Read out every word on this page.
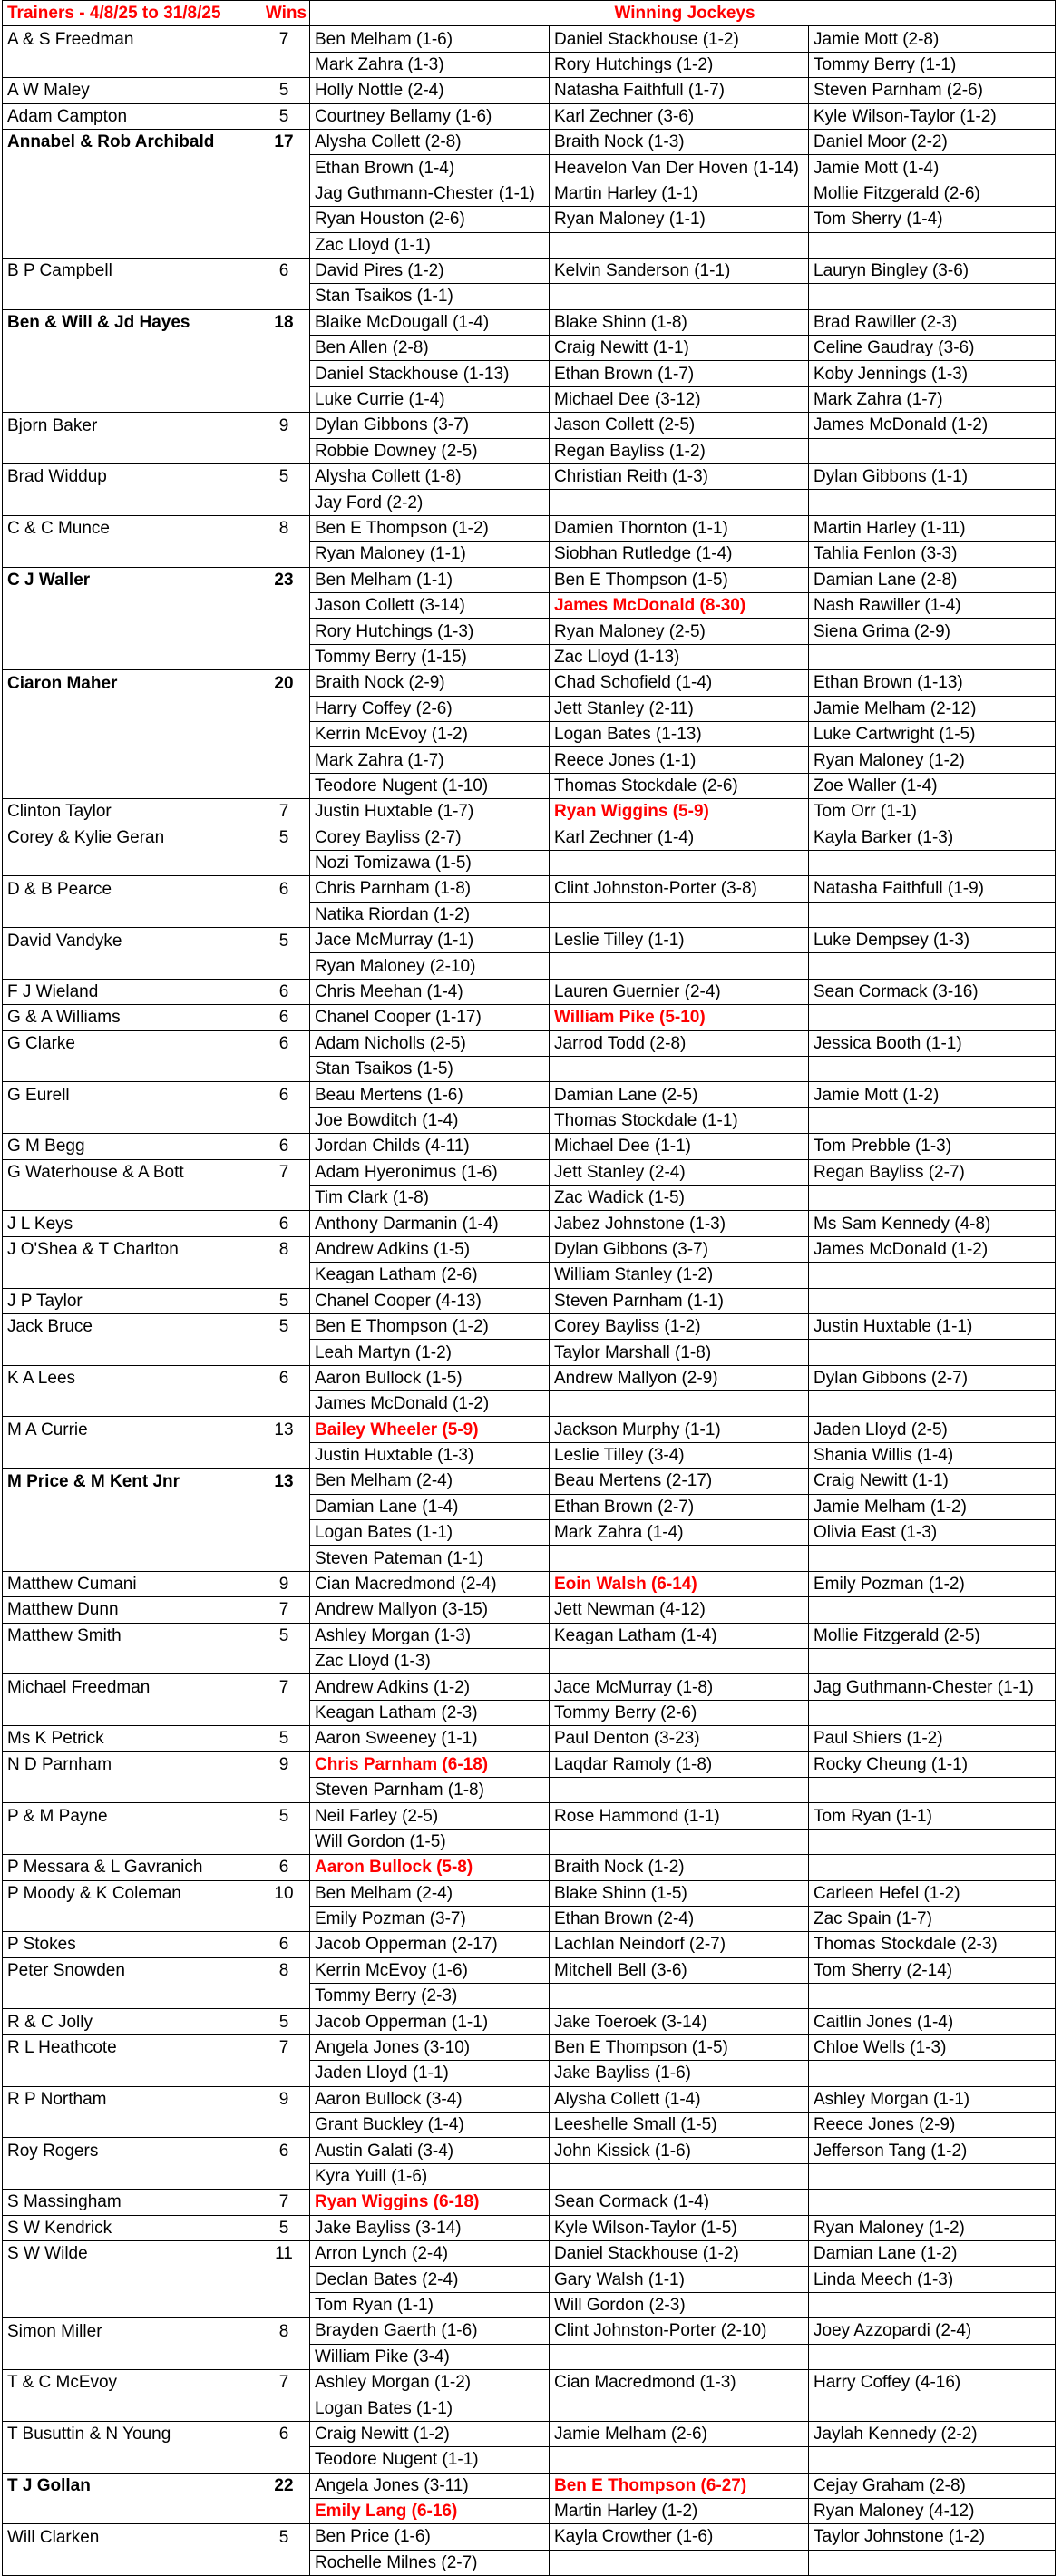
Trainers - 4/8/25 to 31/8/25	Wins	Winning Jockeys		
A & S Freedman	7	Ben Melham (1-6)	Daniel Stackhouse (1-2)	Jamie Mott (2-8)
		Mark Zahra (1-3)	Rory Hutchings (1-2)	Tommy Berry (1-1)
A W Maley	5	Holly Nottle (2-4)	Natasha Faithfull (1-7)	Steven Parnham (2-6)
Adam Campton	5	Courtney Bellamy (1-6)	Karl Zechner (3-6)	Kyle Wilson-Taylor (1-2)
Annabel & Rob Archibald	17	Alysha Collett (2-8)	Braith Nock (1-3)	Daniel Moor (2-2)
		Ethan Brown (1-4)	Heavelon Van Der Hoven (1-14)	Jamie Mott (1-4)
		Jag Guthmann-Chester (1-1)	Martin Harley (1-1)	Mollie Fitzgerald (2-6)
		Ryan Houston (2-6)	Ryan Maloney (1-1)	Tom Sherry (1-4)
		Zac Lloyd (1-1)		
B P Campbell	6	David Pires (1-2)	Kelvin Sanderson (1-1)	Lauryn Bingley (3-6)
		Stan Tsaikos (1-1)		
Ben & Will & Jd Hayes	18	Blaike McDougall (1-4)	Blake Shinn (1-8)	Brad Rawiller (2-3)
		Ben Allen (2-8)	Craig Newitt (1-1)	Celine Gaudray (3-6)
		Daniel Stackhouse (1-13)	Ethan Brown (1-7)	Koby Jennings (1-3)
		Luke Currie (1-4)	Michael Dee (3-12)	Mark Zahra (1-7)
Bjorn Baker	9	Dylan Gibbons (3-7)	Jason Collett (2-5)	James McDonald (1-2)
		Robbie Downey (2-5)	Regan Bayliss (1-2)	
Brad Widdup	5	Alysha Collett (1-8)	Christian Reith (1-3)	Dylan Gibbons (1-1)
		Jay Ford (2-2)		
C & C Munce	8	Ben E Thompson (1-2)	Damien Thornton (1-1)	Martin Harley (1-11)
		Ryan Maloney (1-1)	Siobhan Rutledge (1-4)	Tahlia Fenlon (3-3)
C J Waller	23	Ben Melham (1-1)	Ben E Thompson (1-5)	Damian Lane (2-8)
		Jason Collett (3-14)	James McDonald (8-30)	Nash Rawiller (1-4)
		Rory Hutchings (1-3)	Ryan Maloney (2-5)	Siena Grima (2-9)
		Tommy Berry (1-15)	Zac Lloyd (1-13)	
Ciaron Maher	20	Braith Nock (2-9)	Chad Schofield (1-4)	Ethan Brown (1-13)
		Harry Coffey (2-6)	Jett Stanley (2-11)	Jamie Melham (2-12)
		Kerrin McEvoy (1-2)	Logan Bates (1-13)	Luke Cartwright (1-5)
		Mark Zahra (1-7)	Reece Jones (1-1)	Ryan Maloney (1-2)
		Teodore Nugent (1-10)	Thomas Stockdale (2-6)	Zoe Waller (1-4)
Clinton Taylor	7	Justin Huxtable (1-7)	Ryan Wiggins (5-9)	Tom Orr (1-1)
Corey & Kylie Geran	5	Corey Bayliss (2-7)	Karl Zechner (1-4)	Kayla Barker (1-3)
		Nozi Tomizawa (1-5)		
D & B Pearce	6	Chris Parnham (1-8)	Clint Johnston-Porter (3-8)	Natasha Faithfull (1-9)
		Natika Riordan (1-2)		
David Vandyke	5	Jace McMurray (1-1)	Leslie Tilley (1-1)	Luke Dempsey (1-3)
		Ryan Maloney (2-10)		
F J Wieland	6	Chris Meehan (1-4)	Lauren Guernier (2-4)	Sean Cormack (3-16)
G & A Williams	6	Chanel Cooper (1-17)	William Pike (5-10)	
G Clarke	6	Adam Nicholls (2-5)	Jarrod Todd (2-8)	Jessica Booth (1-1)
		Stan Tsaikos (1-5)		
G Eurell	6	Beau Mertens (1-6)	Damian Lane (2-5)	Jamie Mott (1-2)
		Joe Bowditch (1-4)	Thomas Stockdale (1-1)	
G M Begg	6	Jordan Childs (4-11)	Michael Dee (1-1)	Tom Prebble (1-3)
G Waterhouse & A Bott	7	Adam Hyeronimus (1-6)	Jett Stanley (2-4)	Regan Bayliss (2-7)
		Tim Clark (1-8)	Zac Wadick (1-5)	
J L Keys	6	Anthony Darmanin (1-4)	Jabez Johnstone (1-3)	Ms Sam Kennedy (4-8)
J O'Shea & T Charlton	8	Andrew Adkins (1-5)	Dylan Gibbons (3-7)	James McDonald (1-2)
		Keagan Latham (2-6)	William Stanley (1-2)	
J P Taylor	5	Chanel Cooper (4-13)	Steven Parnham (1-1)	
Jack Bruce	5	Ben E Thompson (1-2)	Corey Bayliss (1-2)	Justin Huxtable (1-1)
		Leah Martyn (1-2)	Taylor Marshall (1-8)	
K A Lees	6	Aaron Bullock (1-5)	Andrew Mallyon (2-9)	Dylan Gibbons (2-7)
		James McDonald (1-2)		
M A Currie	13	Bailey Wheeler (5-9)	Jackson Murphy (1-1)	Jaden Lloyd (2-5)
		Justin Huxtable (1-3)	Leslie Tilley (3-4)	Shania Willis (1-4)
M Price & M Kent Jnr	13	Ben Melham (2-4)	Beau Mertens (2-17)	Craig Newitt (1-1)
		Damian Lane (1-4)	Ethan Brown (2-7)	Jamie Melham (1-2)
		Logan Bates (1-1)	Mark Zahra (1-4)	Olivia East (1-3)
		Steven Pateman (1-1)		
Matthew Cumani	9	Cian Macredmond (2-4)	Eoin Walsh (6-14)	Emily Pozman (1-2)
Matthew Dunn	7	Andrew Mallyon (3-15)	Jett Newman (4-12)	
Matthew Smith	5	Ashley Morgan (1-3)	Keagan Latham (1-4)	Mollie Fitzgerald (2-5)
		Zac Lloyd (1-3)		
Michael Freedman	7	Andrew Adkins (1-2)	Jace McMurray (1-8)	Jag Guthmann-Chester (1-1)
		Keagan Latham (2-3)	Tommy Berry (2-6)	
Ms K Petrick	5	Aaron Sweeney (1-1)	Paul Denton (3-23)	Paul Shiers (1-2)
N D Parnham	9	Chris Parnham (6-18)	Laqdar Ramoly (1-8)	Rocky Cheung (1-1)
		Steven Parnham (1-8)		
P & M Payne	5	Neil Farley (2-5)	Rose Hammond (1-1)	Tom Ryan (1-1)
		Will Gordon (1-5)		
P Messara & L Gavranich	6	Aaron Bullock (5-8)	Braith Nock (1-2)	
P Moody & K Coleman	10	Ben Melham (2-4)	Blake Shinn (1-5)	Carleen Hefel (1-2)
		Emily Pozman (3-7)	Ethan Brown (2-4)	Zac Spain (1-7)
P Stokes	6	Jacob Opperman (2-17)	Lachlan Neindorf (2-7)	Thomas Stockdale (2-3)
Peter Snowden	8	Kerrin McEvoy (1-6)	Mitchell Bell (3-6)	Tom Sherry (2-14)
		Tommy Berry (2-3)		
R & C Jolly	5	Jacob Opperman (1-1)	Jake Toeroek (3-14)	Caitlin Jones (1-4)
R L Heathcote	7	Angela Jones (3-10)	Ben E Thompson (1-5)	Chloe Wells (1-3)
		Jaden Lloyd (1-1)	Jake Bayliss (1-6)	
R P Northam	9	Aaron Bullock (3-4)	Alysha Collett (1-4)	Ashley Morgan (1-1)
		Grant Buckley (1-4)	Leeshelle Small (1-5)	Reece Jones (2-9)
Roy Rogers	6	Austin Galati (3-4)	John Kissick (1-6)	Jefferson Tang (1-2)
		Kyra Yuill (1-6)		
S Massingham	7	Ryan Wiggins (6-18)	Sean Cormack (1-4)	
S W Kendrick	5	Jake Bayliss (3-14)	Kyle Wilson-Taylor (1-5)	Ryan Maloney (1-2)
S W Wilde	11	Arron Lynch (2-4)	Daniel Stackhouse (1-2)	Damian Lane (1-2)
		Declan Bates (2-4)	Gary Walsh (1-1)	Linda Meech (1-3)
		Tom Ryan (1-1)	Will Gordon (2-3)	
Simon Miller	8	Brayden Gaerth (1-6)	Clint Johnston-Porter (2-10)	Joey Azzopardi (2-4)
		William Pike (3-4)		
T & C McEvoy	7	Ashley Morgan (1-2)	Cian Macredmond (1-3)	Harry Coffey (4-16)
		Logan Bates (1-1)		
T Busuttin & N Young	6	Craig Newitt (1-2)	Jamie Melham (2-6)	Jaylah Kennedy (2-2)
		Teodore Nugent (1-1)		
T J Gollan	22	Angela Jones (3-11)	Ben E Thompson (6-27)	Cejay Graham (2-8)
		Emily Lang (6-16)	Martin Harley (1-2)	Ryan Maloney (4-12)
Will Clarken	5	Ben Price (1-6)	Kayla Crowther (1-6)	Taylor Johnstone (1-2)
		Rochelle Milnes (2-7)		
